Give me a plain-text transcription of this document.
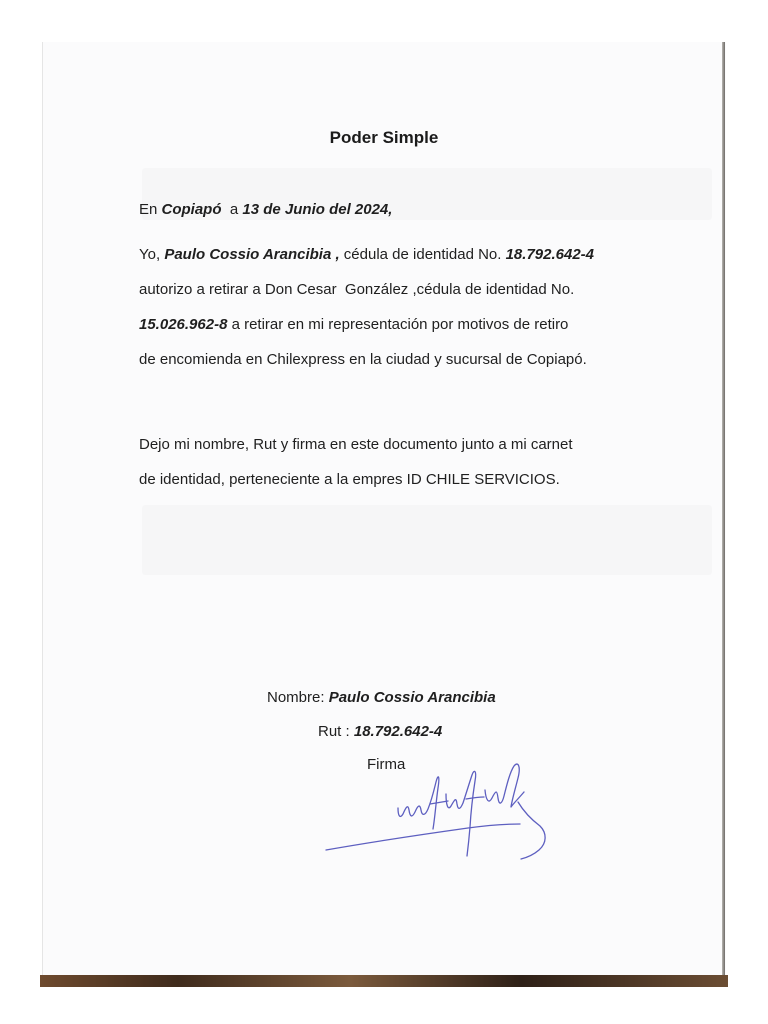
Poder Simple
En Copiapó  a 13 de Junio del 2024,
Yo, Paulo Cossio Arancibia , cédula de identidad No. 18.792.642-4
autorizo a retirar a Don Cesar  González ,cédula de identidad No.
15.026.962-8 a retirar en mi representación por motivos de retiro
de encomienda en Chilexpress en la ciudad y sucursal de Copiapó.
Dejo mi nombre, Rut y firma en este documento junto a mi carnet
de identidad, perteneciente a la empres ID CHILE SERVICIOS.
Nombre: Paulo Cossio Arancibia
Rut : 18.792.642-4
Firma
